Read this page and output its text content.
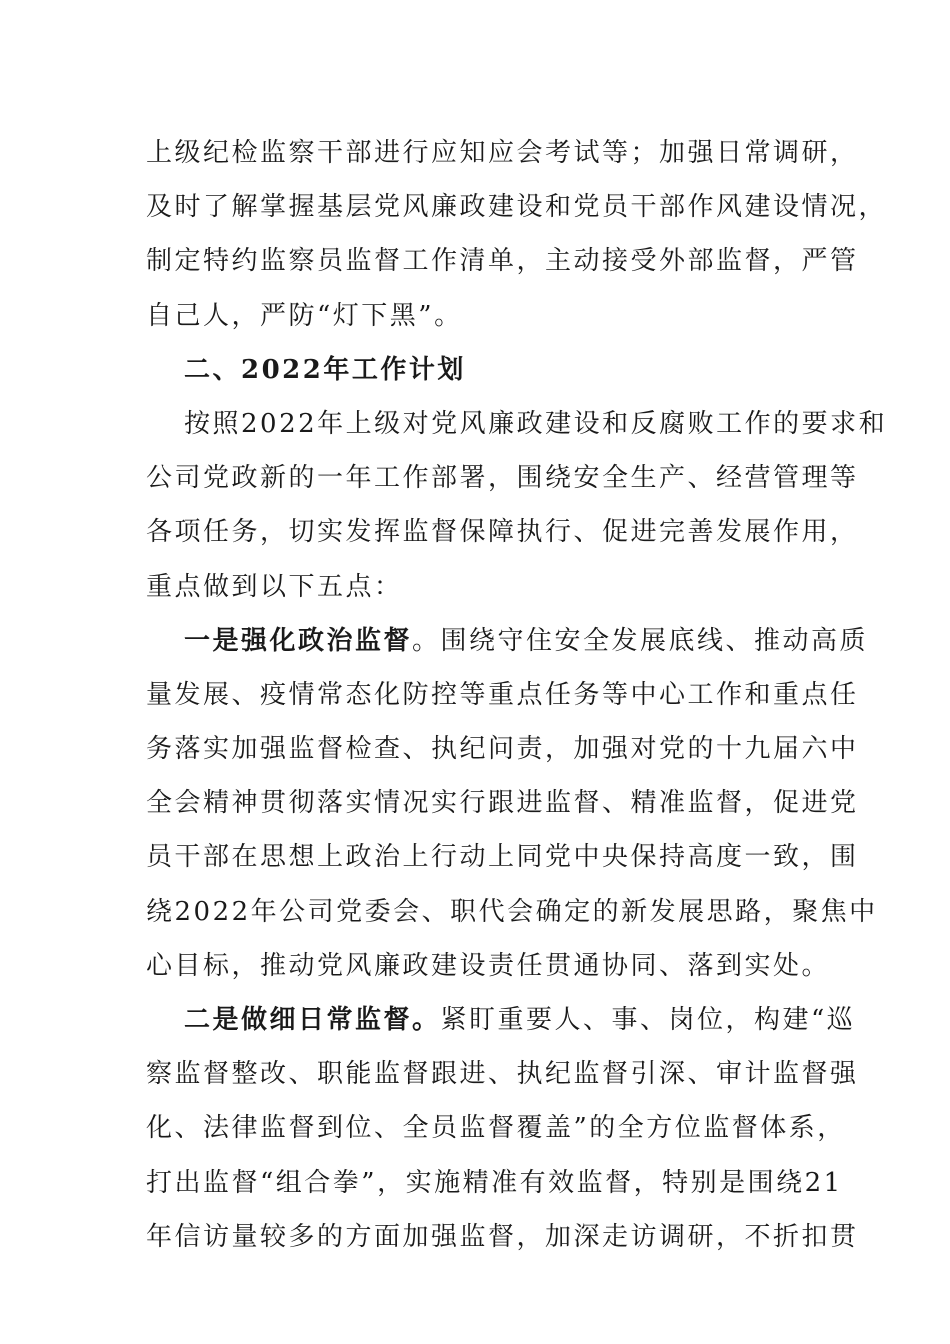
上级纪检监察干部进行应知应会考试等；加强日常调研，
及时了解掌握基层党风廉政建设和党员干部作风建设情况，
制定特约监察员监督工作清单，主动接受外部监督，严管
自己人，严防“灯下黑”。
二、2022年工作计划
按照2022年上级对党风廉政建设和反腐败工作的要求和
公司党政新的一年工作部署，围绕安全生产、经营管理等
各项任务，切实发挥监督保障执行、促进完善发展作用，
重点做到以下五点：
一是强化政治监督。围绕守住安全发展底线、推动高质
量发展、疫情常态化防控等重点任务等中心工作和重点任
务落实加强监督检查、执纪问责，加强对党的十九届六中
全会精神贯彻落实情况实行跟进监督、精准监督，促进党
员干部在思想上政治上行动上同党中央保持高度一致，围
绕2022年公司党委会、职代会确定的新发展思路，聚焦中
心目标，推动党风廉政建设责任贯通协同、落到实处。
二是做细日常监督。紧盯重要人、事、岗位，构建“巡
察监督整改、职能监督跟进、执纪监督引深、审计监督强
化、法律监督到位、全员监督覆盖”的全方位监督体系，
打出监督“组合拳”，实施精准有效监督，特别是围绕21
年信访量较多的方面加强监督，加深走访调研，不折扣贯
